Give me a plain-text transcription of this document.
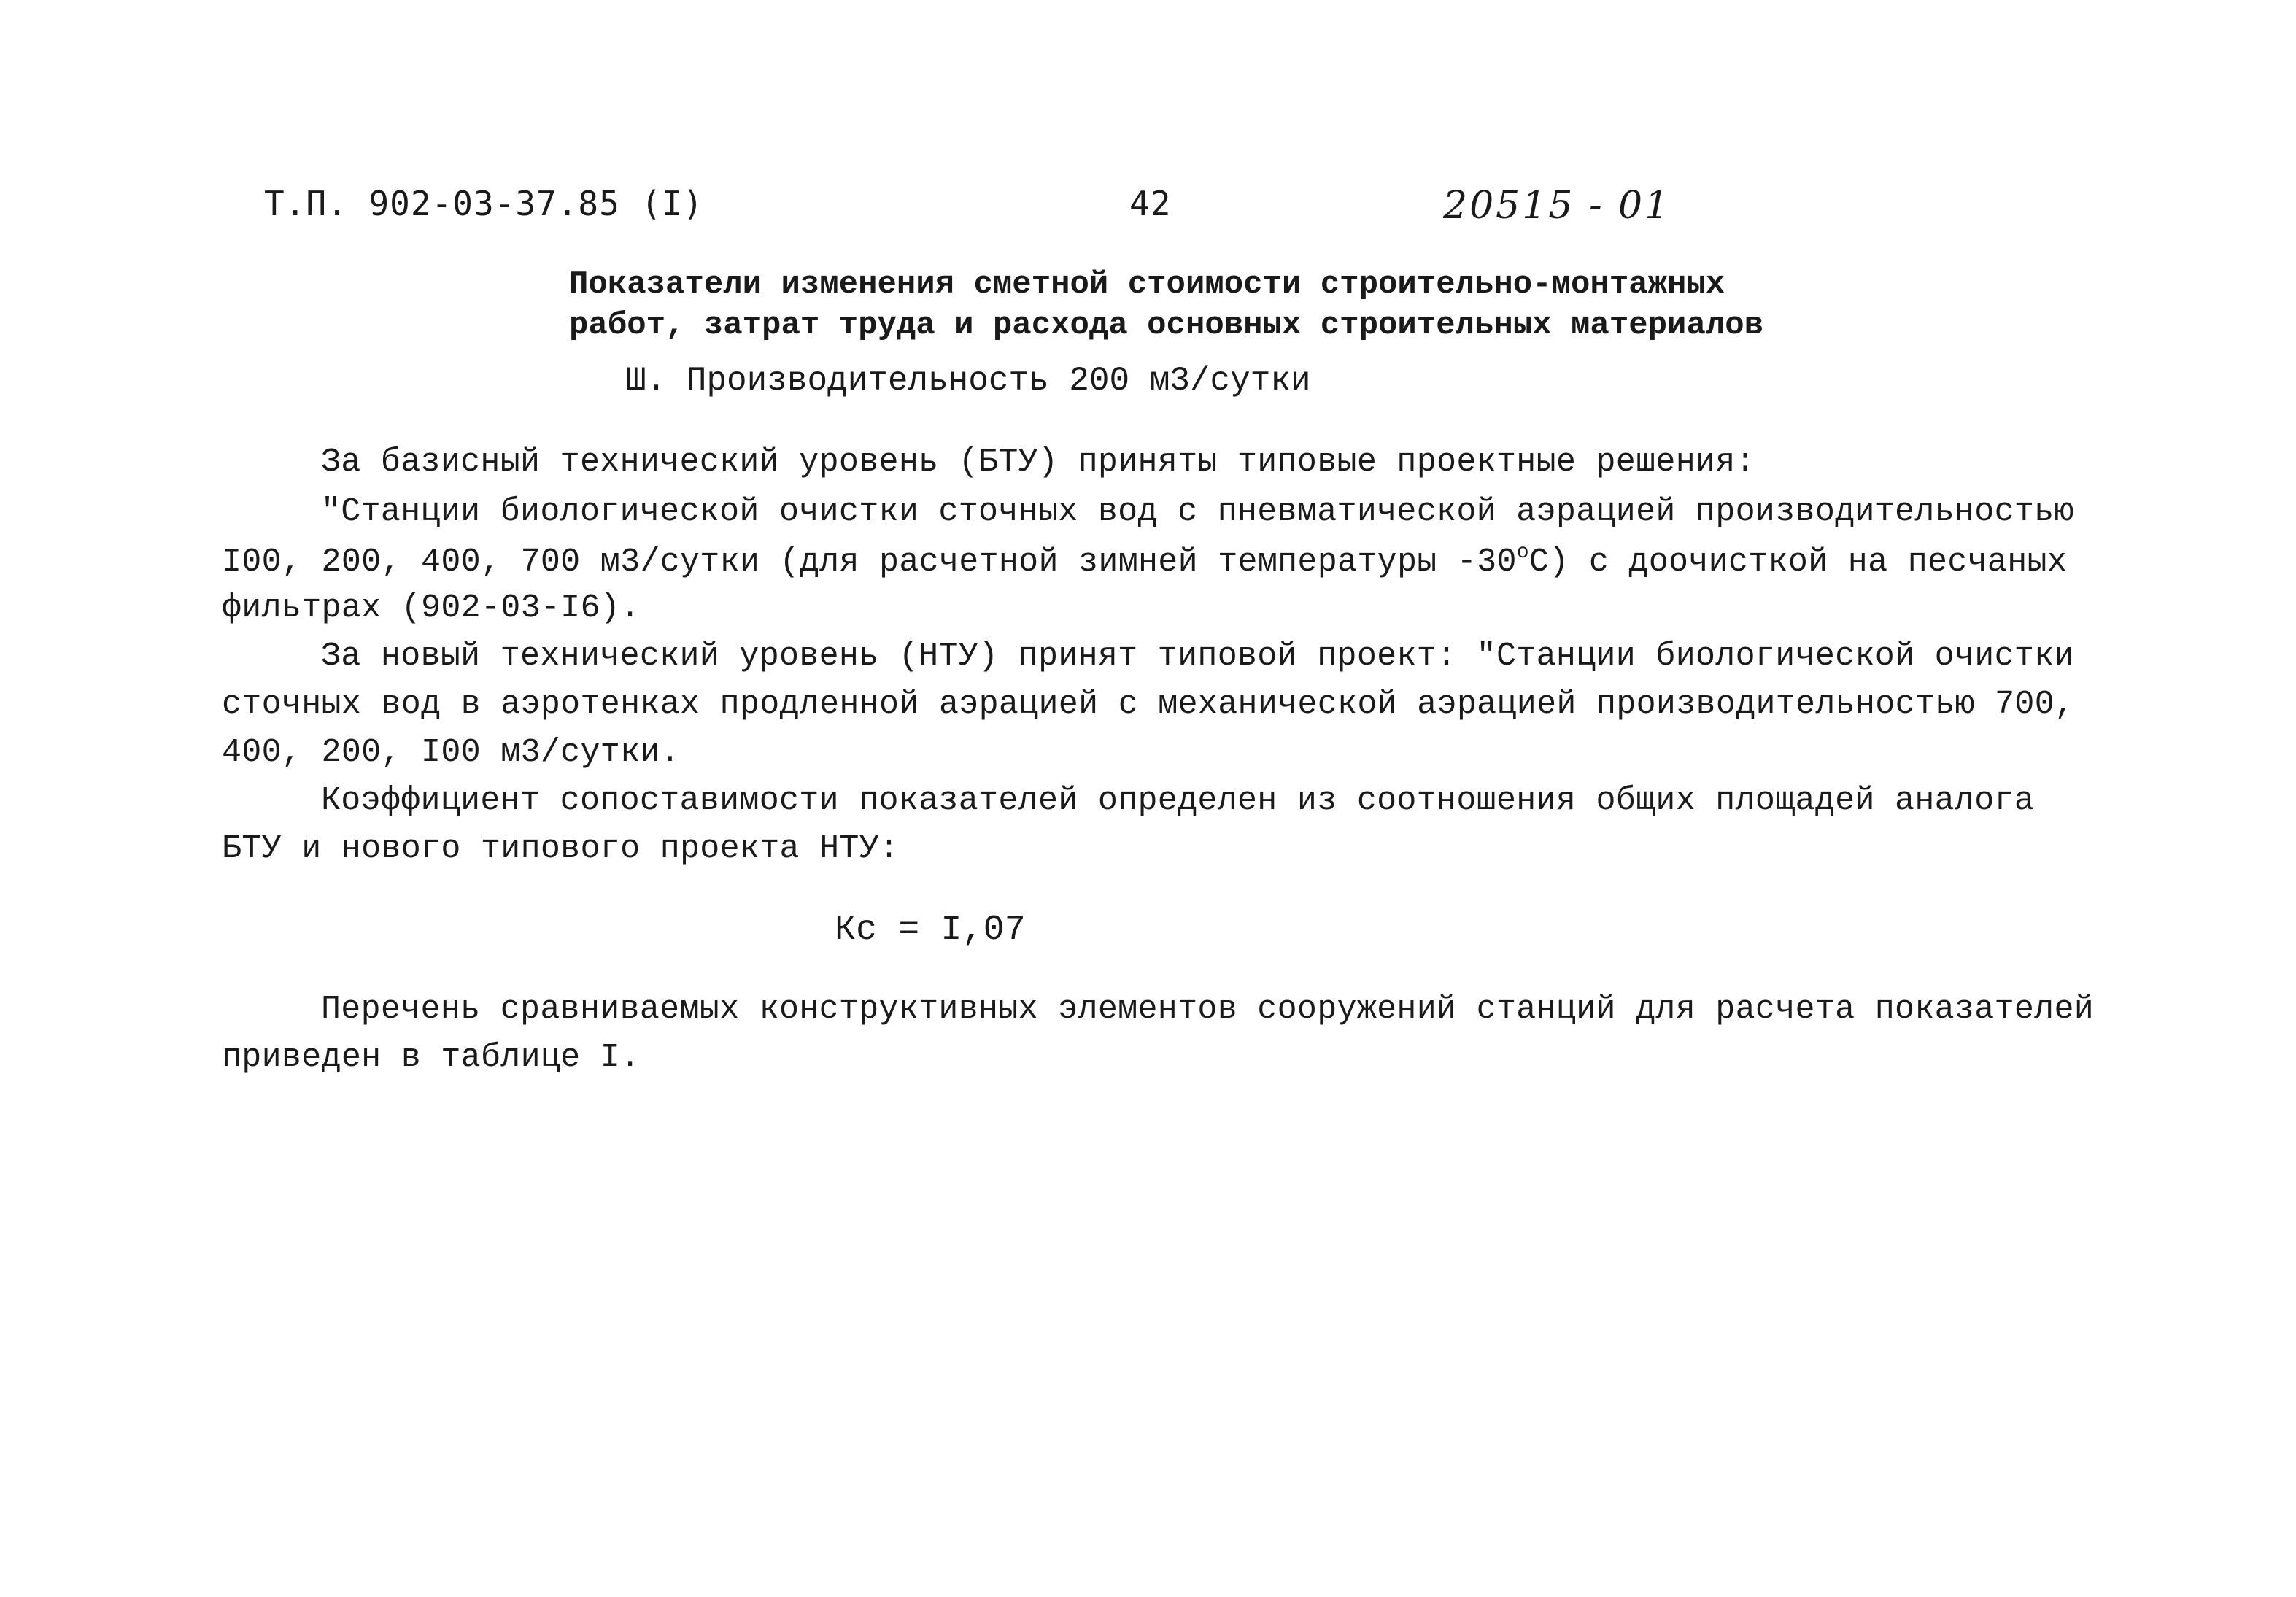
Т.П. 902-03-37.85 (I)	42	20515 - 01
Показатели изменения сметной стоимости строительно-монтажных
работ, затрат труда и расхода основных строительных материалов
Ш. Производительность 200 м3/сутки
За базисный технический уровень (БТУ) приняты типовые проектные решения:
"Станции биологической очистки сточных вод с пневматической аэрацией производительностью
I00, 200, 400, 700 м3/сутки (для расчетной зимней температуры $-30^оС$) с доочисткой на песчаных
фильтрах (902-03-I6).
За новый технический уровень (НТУ) принят типовой проект: "Станции биологической очистки
сточных вод в аэротенках продленной аэрацией с механической аэрацией производительностью 700,
400, 200, I00 м3/сутки.
Коэффициент сопоставимости показателей определен из соотношения общих площадей аналога
БТУ и нового типового проекта НТУ:
Кс = I,07
Перечень сравниваемых конструктивных элементов сооружений станций для расчета показателей
приведен в таблице I.
